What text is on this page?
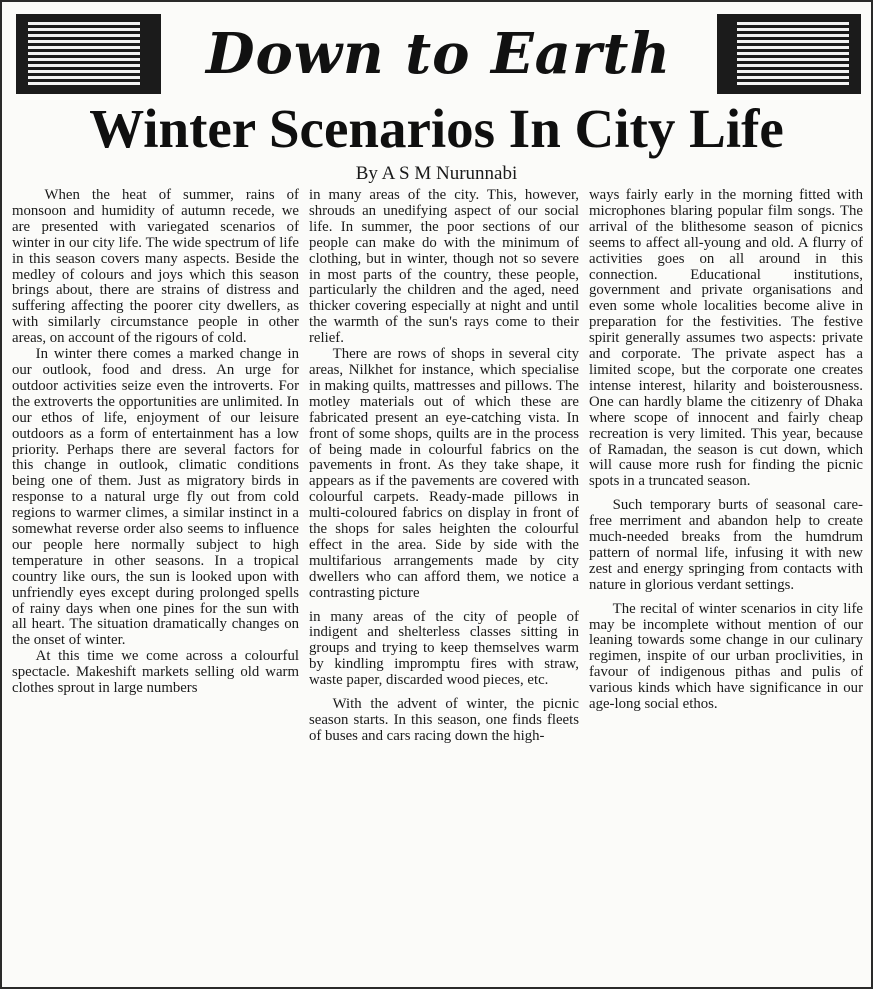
Down to Earth
Winter Scenarios In City Life
By A S M Nurunnabi

When the heat of summer, rains of monsoon and humidity of autumn recede, we are presented with variegated scenarios of winter in our city life. The wide spectrum of life in this season covers many aspects. Beside the medley of colours and joys which this season brings about, there are strains of distress and suffering affecting the poorer city dwellers, as with similarly circumstance people in other areas, on account of the rigours of cold.

In winter there comes a marked change in our outlook, food and dress. An urge for outdoor activities seize even the introverts. For the extroverts the opportunities are unlimited. In our ethos of life, enjoyment of our leisure outdoors as a form of entertainment has a low priority. Perhaps there are several factors for this change in outlook, climatic conditions being one of them. Just as migratory birds in response to a natural urge fly out from cold regions to warmer climes, a similar instinct in a somewhat reverse order also seems to influence our people here normally subject to high temperature in other seasons. In a tropical country like ours, the sun is looked upon with unfriendly eyes except during prolonged spells of rainy days when one pines for the sun with all heart. The situation dramatically changes on the onset of winter.

At this time we come across a colourful spectacle. Makeshift markets selling old warm clothes sprout in large numbers

in many areas of the city. This, however, shrouds an unedifying aspect of our social life. In summer, the poor sections of our people can make do with the minimum of clothing, but in winter, though not so severe in most parts of the country, these people, particularly the children and the aged, need thicker covering especially at night and until the warmth of the sun's rays come to their relief.

There are rows of shops in several city areas, Nilkhet for instance, which specialise in making quilts, mattresses and pillows. The motley materials out of which these are fabricated present an eye-catching vista. In front of some shops, quilts are in the process of being made in colourful fabrics on the pavements in front. As they take shape, it appears as if the pavements are covered with colourful carpets. Ready-made pillows in multi-coloured fabrics on display in front of the shops for sales heighten the colourful effect in the area. Side by side with the multifarious arrangements made by city dwellers who can afford them, we notice a contrasting picture

in many areas of the city of people of indigent and shelterless classes sitting in groups and trying to keep themselves warm by kindling impromptu fires with straw, waste paper, discarded wood pieces, etc.

With the advent of winter, the picnic season starts. In this season, one finds fleets of buses and cars racing down the high-

ways fairly early in the morning fitted with microphones blaring popular film songs. The arrival of the blithesome season of picnics seems to affect all-young and old. A flurry of activities goes on all around in this connection. Educational institutions, government and private organisations and even some whole localities become alive in preparation for the festivities. The festive spirit generally assumes two aspects: private and corporate. The private aspect has a limited scope, but the corporate one creates intense interest, hilarity and boisterousness. One can hardly blame the citizenry of Dhaka where scope of innocent and fairly cheap recreation is very limited. This year, because of Ramadan, the season is cut down, which will cause more rush for finding the picnic spots in a truncated season.

Such temporary burts of seasonal care-free merriment and abandon help to create much-needed breaks from the humdrum pattern of normal life, infusing it with new zest and energy springing from contacts with nature in glorious verdant settings.

The recital of winter scenarios in city life may be incomplete without mention of our leaning towards some change in our culinary regimen, inspite of our urban proclivities, in favour of indigenous pithas and pulis of various kinds which have significance in our age-long social ethos.
